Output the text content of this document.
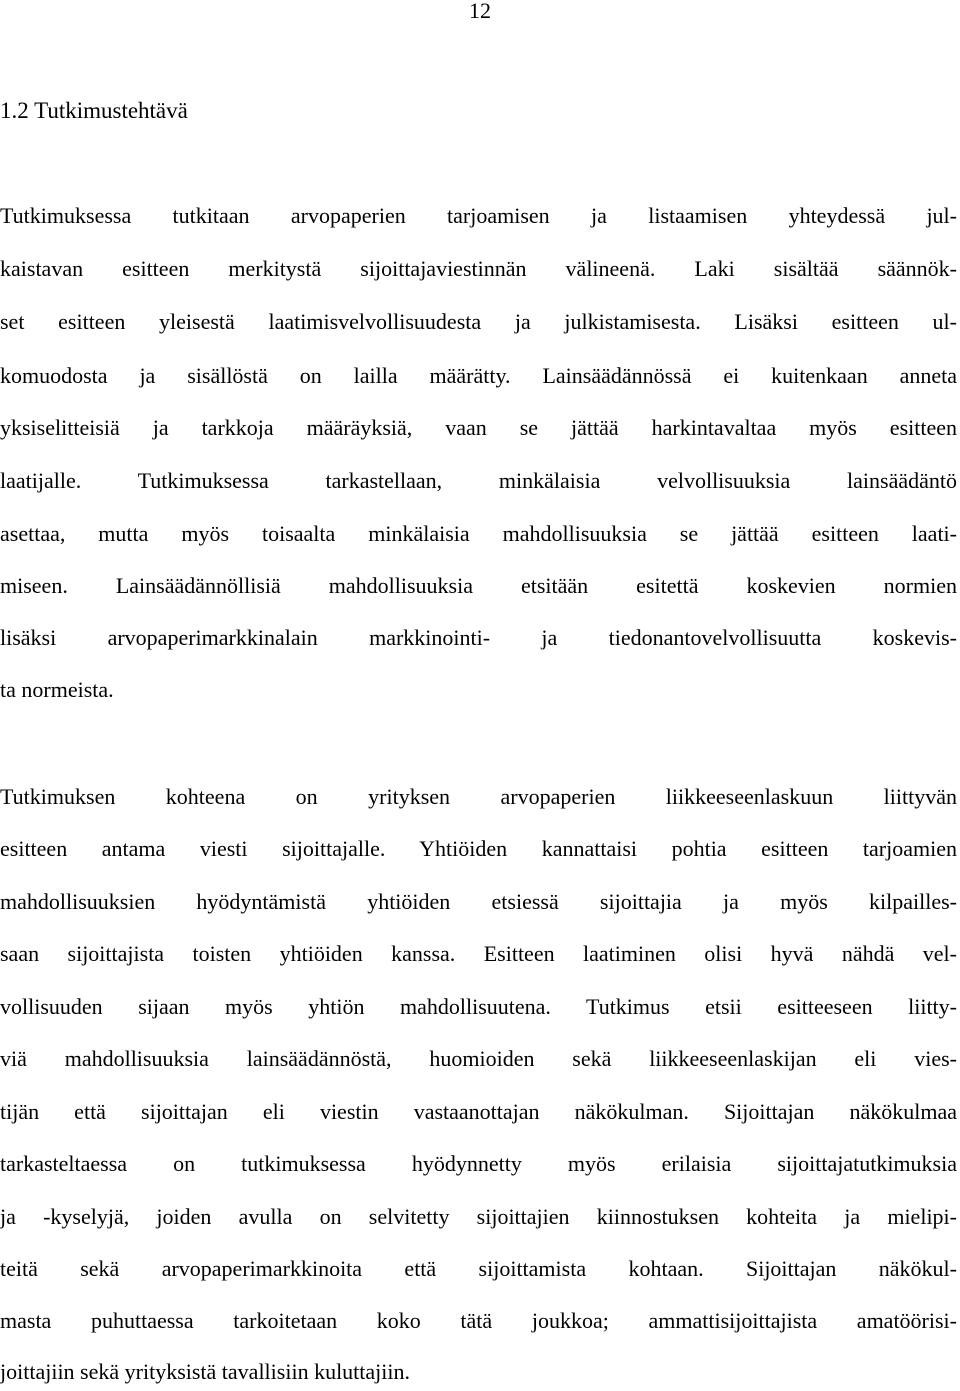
12
1.2 Tutkimustehtävä
Tutkimuksessa tutkitaan arvopaperien tarjoamisen ja listaamisen yhteydessä jul-
kaistavan esitteen merkitystä sijoittajaviestinnän välineenä. Laki sisältää säännök-
set esitteen yleisestä laatimisvelvollisuudesta ja julkistamisesta. Lisäksi esitteen ul-
komuodosta ja sisällöstä on lailla määrätty. Lainsäädännössä ei kuitenkaan anneta
yksiselitteisiä ja tarkkoja määräyksiä, vaan se jättää harkintavaltaa myös esitteen
laatijalle. Tutkimuksessa tarkastellaan, minkälaisia velvollisuuksia lainsäädäntö
asettaa, mutta myös toisaalta minkälaisia mahdollisuuksia se jättää esitteen laati-
miseen. Lainsäädännöllisiä mahdollisuuksia etsitään esitettä koskevien normien
lisäksi arvopaperimarkkinalain markkinointi- ja tiedonantovelvollisuutta koskevis-
ta normeista.
Tutkimuksen kohteena on yrityksen arvopaperien liikkeeseenlaskuun liittyvän
esitteen antama viesti sijoittajalle. Yhtiöiden kannattaisi pohtia esitteen tarjoamien
mahdollisuuksien hyödyntämistä yhtiöiden etsiessä sijoittajia ja myös kilpailles-
saan sijoittajista toisten yhtiöiden kanssa. Esitteen laatiminen olisi hyvä nähdä vel-
vollisuuden sijaan myös yhtiön mahdollisuutena. Tutkimus etsii esitteeseen liitty-
viä mahdollisuuksia lainsäädännöstä, huomioiden sekä liikkeeseenlaskijan eli vies-
tijän että sijoittajan eli viestin vastaanottajan näkökulman. Sijoittajan näkökulmaa
tarkasteltaessa on tutkimuksessa hyödynnetty myös erilaisia sijoittajatutkimuksia
ja -kyselyjä, joiden avulla on selvitetty sijoittajien kiinnostuksen kohteita ja mielipi-
teitä sekä arvopaperimarkkinoita että sijoittamista kohtaan. Sijoittajan näkökul-
masta puhuttaessa tarkoitetaan koko tätä joukkoa; ammattisijoittajista amatöörisi-
joittajiin sekä yrityksistä tavallisiin kuluttajiin.
